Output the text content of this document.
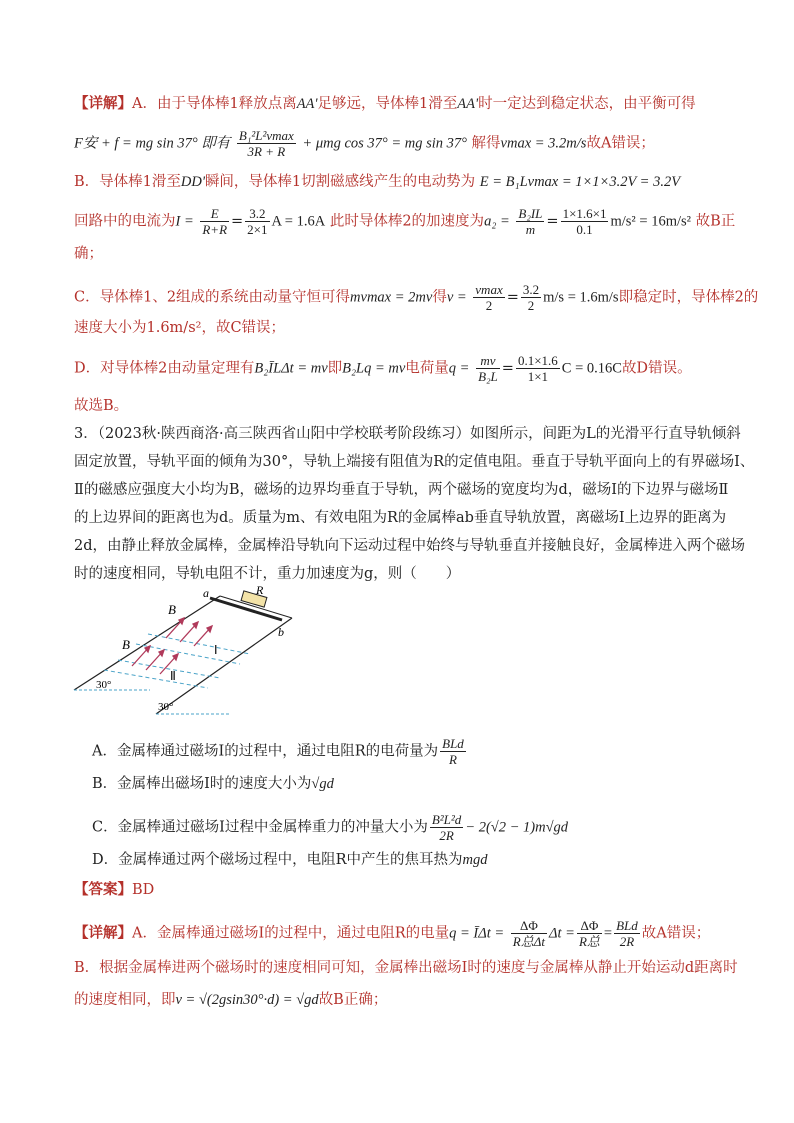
【详解】A．由于导体棒1释放点离AA'足够远，导体棒1滑至AA'时一定达到稳定状态，由平衡可得
F安 + f = mg sin 37° 即有 $\frac{\text{B₁²L²vmax}}{3R + R} + \mu mg$ cos 37° = mg sin 37° 解得vmax = 3.2m/s故A错误；
B．导体棒1滑至DD'瞬间，导体棒1切割磁感线产生的电动势为 E = B₁Lvmax = 1×1×3.2V = 3.2V
回路中的电流为$I = \frac{E}{R+R} = \frac{3.2}{2\times 1}$ A = 1.6A 此时导体棒2的加速度为$a_2 = \frac{\text{B₂IL}}{m} = \frac{1\times 1.6\times 1}{0.1} m/s^2 = 16m/s^2$ 故B正
确；
C．导体棒1、2组成的系统由动量守恒可得mvmax = 2mv得$v = \frac{vmax}{2} = \frac{3.2}{2} m/s = 1.6m/s$即稳定时，导体棒2的
速度大小为1.6m/s²，故C错误；
D．对导体棒2由动量定理有B₂ĪLΔt = mv即B₂Lq = mv电荷量$q = \frac{mv}{\text{B₂L}} = \frac{0.1\times 1.6}{1\times 1}$ C = 0.16C故D错误。
故选B。
3．（2023秋·陕西商洛·高三陕西省山阳中学校联考阶段练习）如图所示，间距为L的光滑平行直导轨倾斜
固定放置，导轨平面的倾角为30°，导轨上端接有阻值为R的定值电阻。垂直于导轨平面向上的有界磁场Ⅰ、
Ⅱ的磁感应强度大小均为B，磁场的边界均垂直于导轨，两个磁场的宽度均为d，磁场Ⅰ的下边界与磁场Ⅱ
的上边界间的距离也为d。质量为m、有效电阻为R的金属棒ab垂直导轨放置，离磁场Ⅰ上边界的距离为
2d，由静止释放金属棒，金属棒沿导轨向下运动过程中始终与导轨垂直并接触良好，金属棒进入两个磁场
时的速度相同，导轨电阻不计，重力加速度为g，则（　　）
a
b
R
B
B	Ⅰ
Ⅱ
30°
30°
A．金属棒通过磁场Ⅰ的过程中，通过电阻R的电荷量为 $\frac{\text{BLd}}{R}$
B．金属棒出磁场Ⅰ时的速度大小为√gd
C．金属棒通过磁场Ⅰ过程中金属棒重力的冲量大小为 $\frac{\text{B²L²d}}{2R} - 2(√2 - 1)m√gd$
D．金属棒通过两个磁场过程中，电阻R中产生的焦耳热为mgd
【答案】BD
【详解】A．金属棒通过磁场Ⅰ的过程中，通过电阻R的电量q = ĪΔt = $\frac{\Delta\Phi}{\text{R总Δt}}$ $\Delta t = \frac{\Delta\Phi}{\text{R总}} = \frac{\text{BLd}}{2R}$ 故A错误；
B．根据金属棒进两个磁场时的速度相同可知，金属棒出磁场Ⅰ时的速度与金属棒从静止开始运动d距离时
的速度相同，即v = √(2gsin30°·d) = √gd故B正确；
